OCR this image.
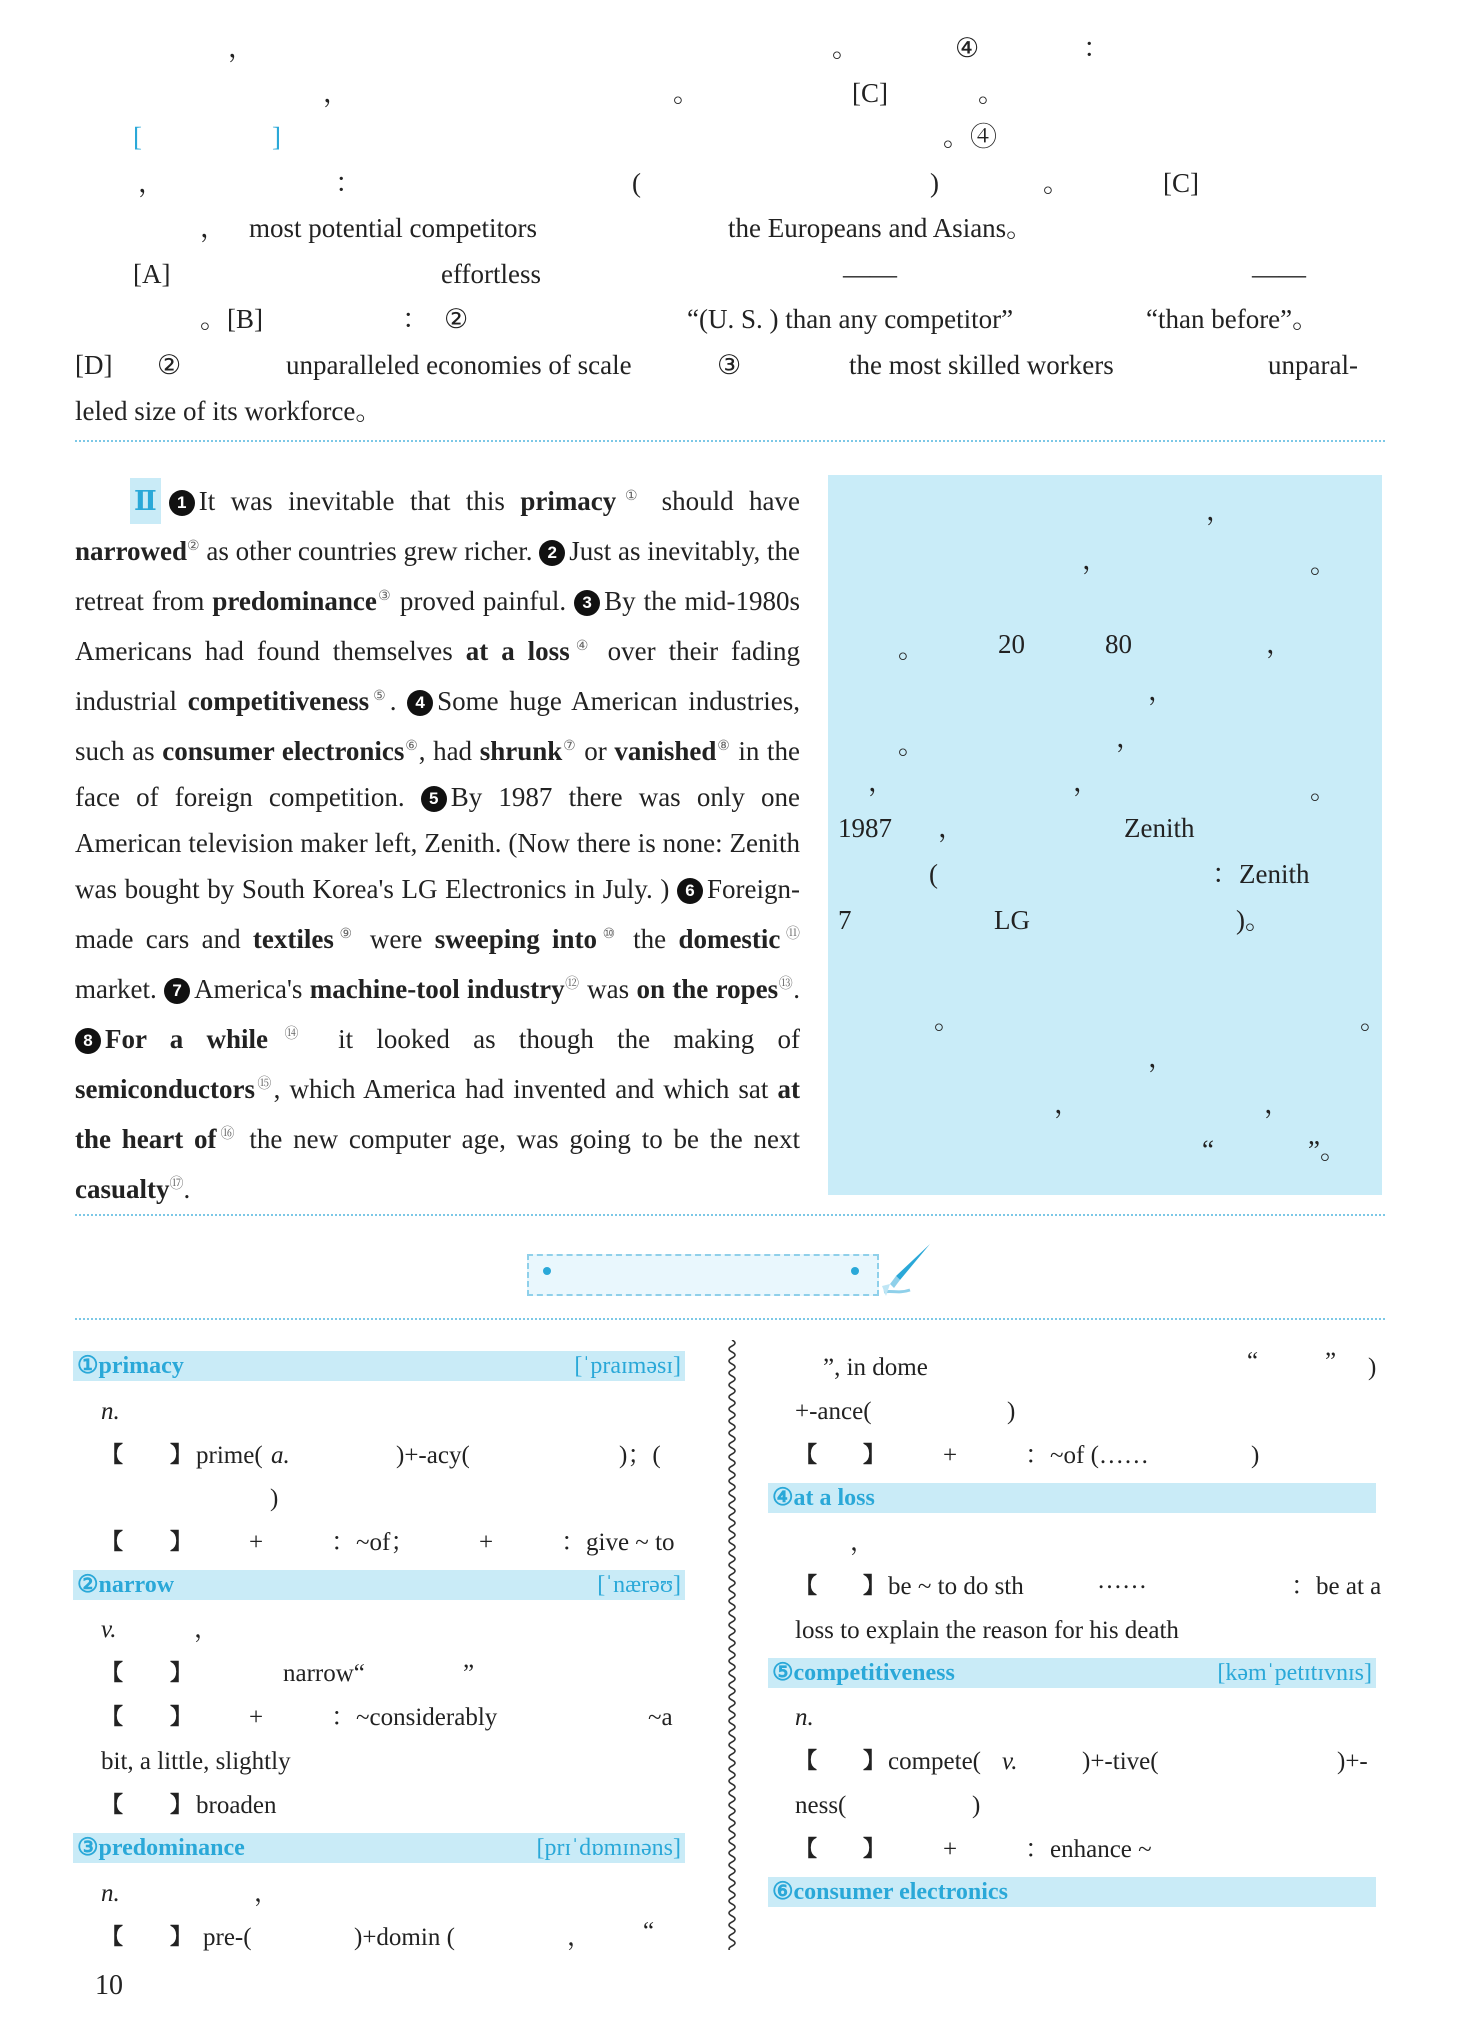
，	。	④	：
，	。	[C]	。
[	]	。④
，	：	(	)	。	[C]
， most potential competitors	the Europeans and Asians。
[A]	effortless	——	——
。[B]	： ②	“(U. S. ) than any competitor”	“than before”。
[D] ②	unparalleled economies of scale	③	the most skilled workers	unparal-
leled size of its workforce。
Ⅱ 1 It was inevitable that this primacy① should have narrowed② as other countries grew richer. 2 Just as inevitably, the retreat from predominance③ proved painful. 3 By the mid-1980s Americans had found themselves at a loss④ over their fading industrial competitiveness⑤. 4 Some huge American industries, such as consumer electronics⑥, had shrunk⑦ or vanished⑧ in the face of foreign competition. 5 By 1987 there was only one American television maker left, Zenith. (Now there is none: Zenith was bought by South Korea's LG Electronics in July. ) 6 Foreign-made cars and textiles⑨ were sweeping into⑩ the domestic⑪ market. 7 America's machine-tool industry⑫ was on the ropes⑬. 8 For a while⑭ it looked as though the making of semiconductors⑮, which America had invented and which sat at the heart of⑯ the new computer age, was going to be the next casualty⑰.
，
，	。
。	20	80	，
，
。	，
，	，	。
1987 ，	Zenith
(	：Zenith
7	LG	)。
。	。
，
，	，
“	”。
①primacy	[ˈpraɪməsɪ]
n.
【 】 prime( a.	)+-acy(	)；(
)
【 】 +	：~of；	+	：give ~ to
②narrow	[ˈnærəʊ]
v.	，
【 】	narrow“	”
【 】 +	：~considerably	~a
bit, a little, slightly
【 】 broaden
③predominance	[prɪˈdɒmɪnəns]
n.	，
【 】 pre-(	)+domin (	， “
”, in dome	“	” )
+-ance(	)
【 】 +	：~of (……	)
④at a loss
，
【 】 be ~ to do sth	……	：be at a
loss to explain the reason for his death
⑤competitiveness	[kəmˈpetɪtɪvnɪs]
n.
【 】 compete( v.	)+-tive(	)+-
ness(	)
【 】 +	：enhance ~
⑥consumer electronics
10
